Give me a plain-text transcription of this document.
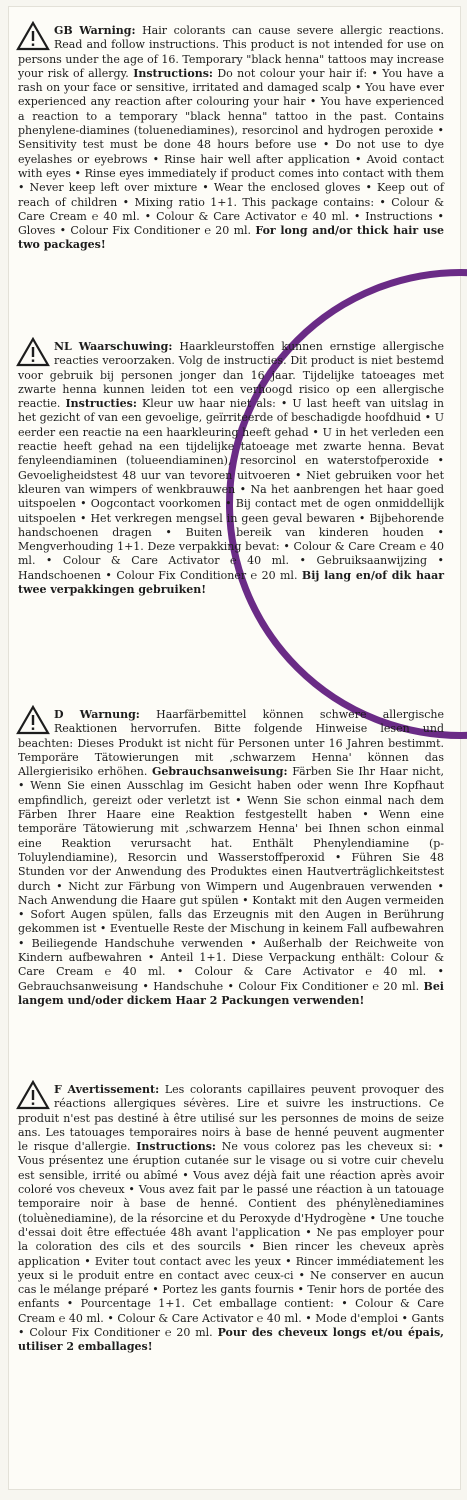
GB Warning: Hair colorants can cause severe allergic reactions. Read and follow instructions. This product is not intended for use on persons under the age of 16. Temporary "black henna" tattoos may increase your risk of allergy. Instructions: Do not colour your hair if: • You have a rash on your face or sensitive, irritated and damaged scalp • You have ever experienced any reaction after colouring your hair • You have experienced a reaction to a temporary "black henna" tattoo in the past. Contains phenylene-diamines (toluenediamines), resorcinol and hydrogen peroxide • Sensitivity test must be done 48 hours before use • Do not use to dye eyelashes or eyebrows • Rinse hair well after application • Avoid contact with eyes • Rinse eyes immediately if product comes into contact with them • Never keep left over mixture • Wear the enclosed gloves • Keep out of reach of children • Mixing ratio 1+1. This package contains: • Colour & Care Cream ℮ 40 ml. • Colour & Care Activator ℮ 40 ml. • Instructions • Gloves • Colour Fix Conditioner ℮ 20 ml. For long and/or thick hair use two packages!
NL Waarschuwing: Haarkleurstoffen kunnen ernstige allergische reacties veroorzaken. Volg de instructies. Dit product is niet bestemd voor gebruik bij personen jonger dan 16 jaar. Tijdelijke tatoeages met zwarte henna kunnen leiden tot een verhoogd risico op een allergische reactie. Instructies: Kleur uw haar niet als: • U last heeft van uitslag in het gezicht of van een gevoelige, geïrriteerde of beschadigde hoofdhuid • U eerder een reactie na een haarkleuring heeft gehad • U in het verleden een reactie heeft gehad na een tijdelijke tatoeage met zwarte henna. Bevat fenyleendiaminen (tolueendiaminen), resorcinol en waterstofperoxide • Gevoeligheidstest 48 uur van tevoren uitvoeren • Niet gebruiken voor het kleuren van wimpers of wenkbrauwen • Na het aanbrengen het haar goed uitspoelen • Oogcontact voorkomen • Bij contact met de ogen onmiddellijk uitspoelen • Het verkregen mengsel in geen geval bewaren • Bijbehorende handschoenen dragen • Buiten bereik van kinderen houden • Mengverhouding 1+1. Deze verpakking bevat: • Colour & Care Cream ℮ 40 ml. • Colour & Care Activator ℮ 40 ml. • Gebruiksaanwijzing • Handschoenen • Colour Fix Conditioner ℮ 20 ml. Bij lang en/of dik haar twee verpakkingen gebruiken!
D Warnung: Haarfärbemittel können schwere allergische Reaktionen hervorrufen. Bitte folgende Hinweise lesen und beachten: Dieses Produkt ist nicht für Personen unter 16 Jahren bestimmt. Temporäre Tätowierungen mit ‚schwarzem Henna' können das Allergierisiko erhöhen. Gebrauchsanweisung: Färben Sie Ihr Haar nicht, • Wenn Sie einen Ausschlag im Gesicht haben oder wenn Ihre Kopfhaut empfindlich, gereizt oder verletzt ist • Wenn Sie schon einmal nach dem Färben Ihrer Haare eine Reaktion festgestellt haben • Wenn eine temporäre Tätowierung mit ‚schwarzem Henna' bei Ihnen schon einmal eine Reaktion verursacht hat. Enthält Phenylendiamine (p-Toluylendiamine), Resorcin und Wasserstoffperoxid • Führen Sie 48 Stunden vor der Anwendung des Produktes einen Hautverträglichkeitstest durch • Nicht zur Färbung von Wimpern und Augenbrauen verwenden • Nach Anwendung die Haare gut spülen • Kontakt mit den Augen vermeiden • Sofort Augen spülen, falls das Erzeugnis mit den Augen in Berührung gekommen ist • Eventuelle Reste der Mischung in keinem Fall aufbewahren • Beiliegende Handschuhe verwenden • Außerhalb der Reichweite von Kindern aufbewahren • Anteil 1+1. Diese Verpackung enthält: Colour & Care Cream ℮ 40 ml. • Colour & Care Activator ℮ 40 ml. • Gebrauchsanweisung • Handschuhe • Colour Fix Conditioner ℮ 20 ml. Bei langem und/oder dickem Haar 2 Packungen verwenden!
F Avertissement: Les colorants capillaires peuvent provoquer des réactions allergiques sévères. Lire et suivre les instructions. Ce produit n'est pas destiné à être utilisé sur les personnes de moins de seize ans. Les tatouages temporaires noirs à base de henné peuvent augmenter le risque d'allergie. Instructions: Ne vous colorez pas les cheveux si: • Vous présentez une éruption cutanée sur le visage ou si votre cuir chevelu est sensible, irrité ou abîmé • Vous avez déjà fait une réaction après avoir coloré vos cheveux • Vous avez fait par le passé une réaction à un tatouage temporaire noir à base de henné. Contient des phénylènediamines (toluènediamine), de la résorcine et du Peroxyde d'Hydrogène • Une touche d'essai doit être effectuée 48h avant l'application • Ne pas employer pour la coloration des cils et des sourcils • Bien rincer les cheveux après application • Eviter tout contact avec les yeux • Rincer immédiatement les yeux si le produit entre en contact avec ceux-ci • Ne conserver en aucun cas le mélange préparé • Portez les gants fournis • Tenir hors de portée des enfants • Pourcentage 1+1. Cet emballage contient: • Colour & Care Cream ℮ 40 ml. • Colour & Care Activator ℮ 40 ml. • Mode d'emploi • Gants • Colour Fix Conditioner ℮ 20 ml. Pour des cheveux longs et/ou épais, utiliser 2 emballages!
